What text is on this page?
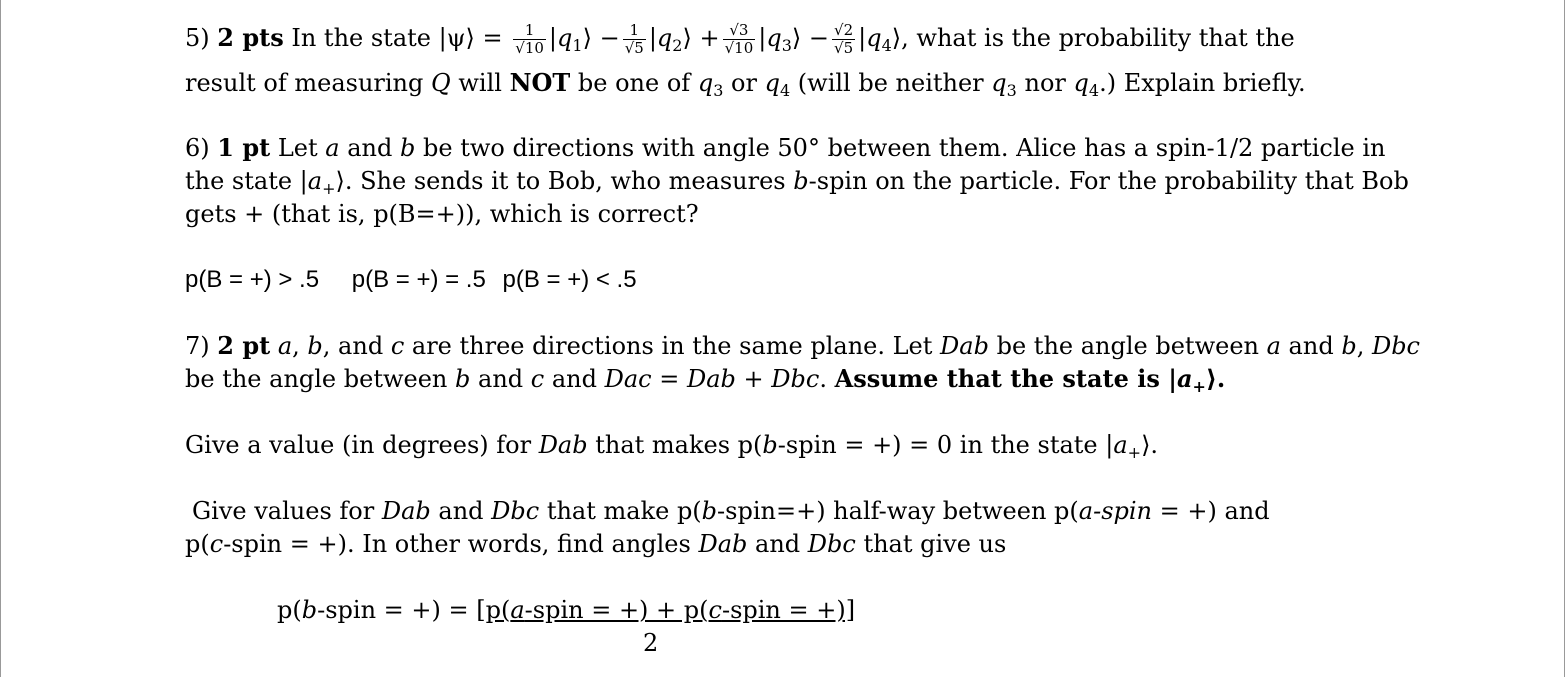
5) 2 pts In the state |ψ⟩ = $\frac{1}{√10}$ $|q_1⟩ - \frac{1}{√5}$ $|q_2⟩ + \frac{√3}{√10}$ $|q_3⟩ - \frac{√2}{√5}$ $|q_4⟩$, what is the probability that the
result of measuring Q will NOT be one of $q_3$ or $q_4$ (will be neither $q_3$ nor $q_4$.) Explain briefly.
6) 1 pt Let a and b be two directions with angle 50° between them. Alice has a spin-1/2 particle in
the state $|a_+⟩$. She sends it to Bob, who measures b-spin on the particle. For the probability that Bob
gets + (that is, p(B=+)), which is correct?
p(B = +) > .5 p(B = +) = .5 p(B = +) < .5
7) 2 pt a, b, and c are three directions in the same plane. Let Dab be the angle between a and b, Dbc
be the angle between b and c and Dac = Dab + Dbc. Assume that the state is $|a_+⟩$.
Give a value (in degrees) for Dab that makes p(b-spin = +) = 0 in the state $|a_+⟩$.
Give values for Dab and Dbc that make p(b-spin=+) half-way between p(a-spin = +) and
p(c-spin = +). In other words, find angles Dab and Dbc that give us
p(b-spin = +) = [p(a-spin = +) + p(c-spin = +)]
2
